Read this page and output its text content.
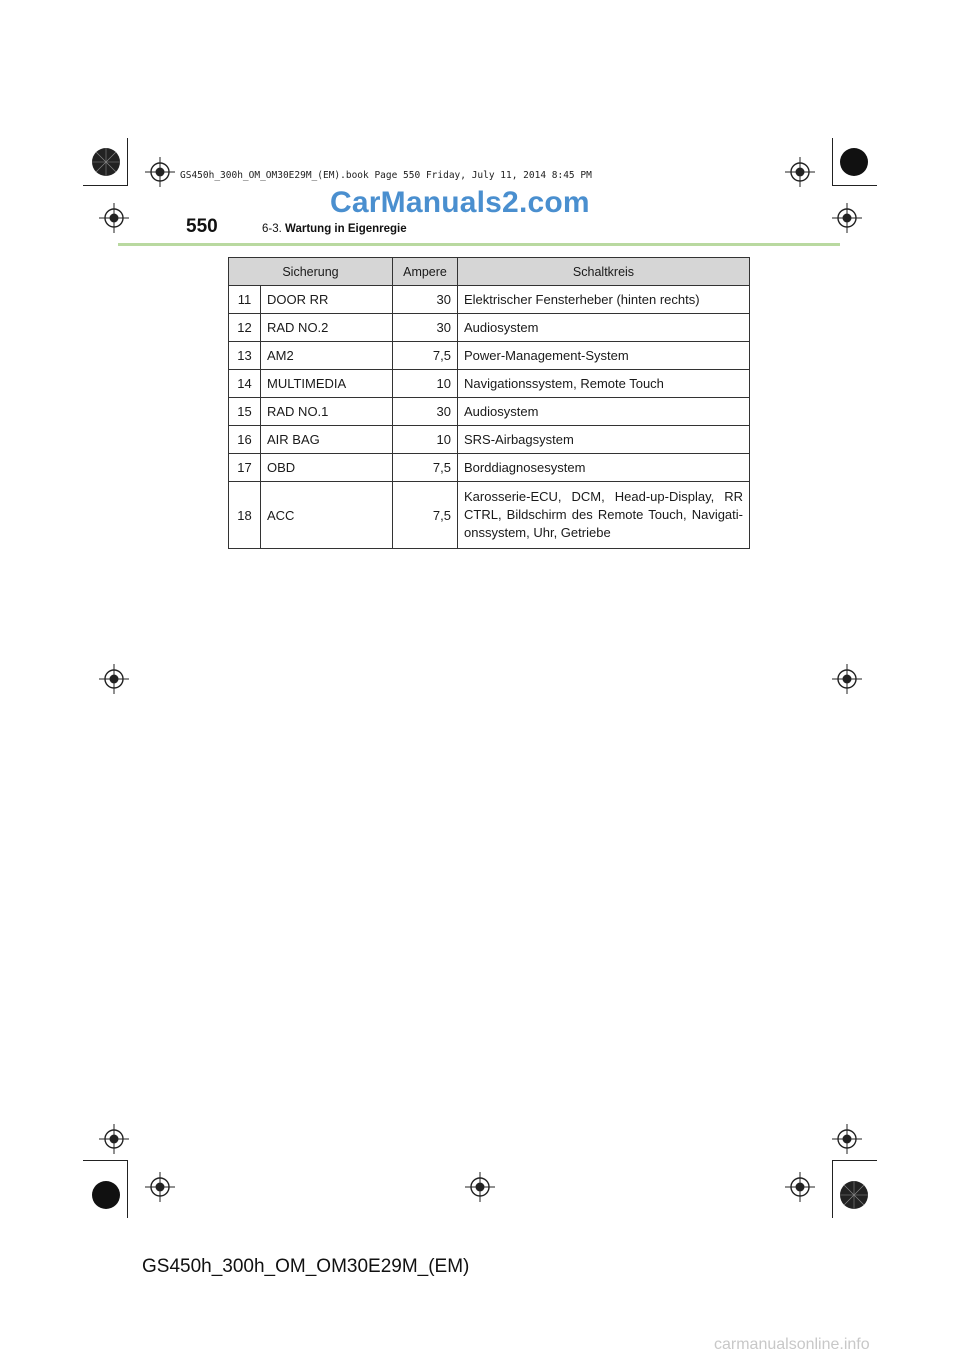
GS450h_300h_OM_OM30E29M_(EM).book Page 550 Friday, July 11, 2014 8:45 PM
CarManuals2.com
550	6-3. Wartung in Eigenregie
Sicherung		Ampere	Schaltkreis
11	DOOR RR	30	Elektrischer Fensterheber (hinten rechts)
12	RAD NO.2	30	Audiosystem
13	AM2	7,5	Power-Management-System
14	MULTIMEDIA	10	Navigationssystem, Remote Touch
15	RAD NO.1	30	Audiosystem
16	AIR BAG	10	SRS-Airbagsystem
17	OBD	7,5	Borddiagnosesystem
18	ACC	7,5	Karosserie-ECU, DCM, Head-up-Display, RR CTRL, Bildschirm des Remote Touch, Navigati-onssystem, Uhr, Getriebe
GS450h_300h_OM_OM30E29M_(EM)
carmanualsonline.info
